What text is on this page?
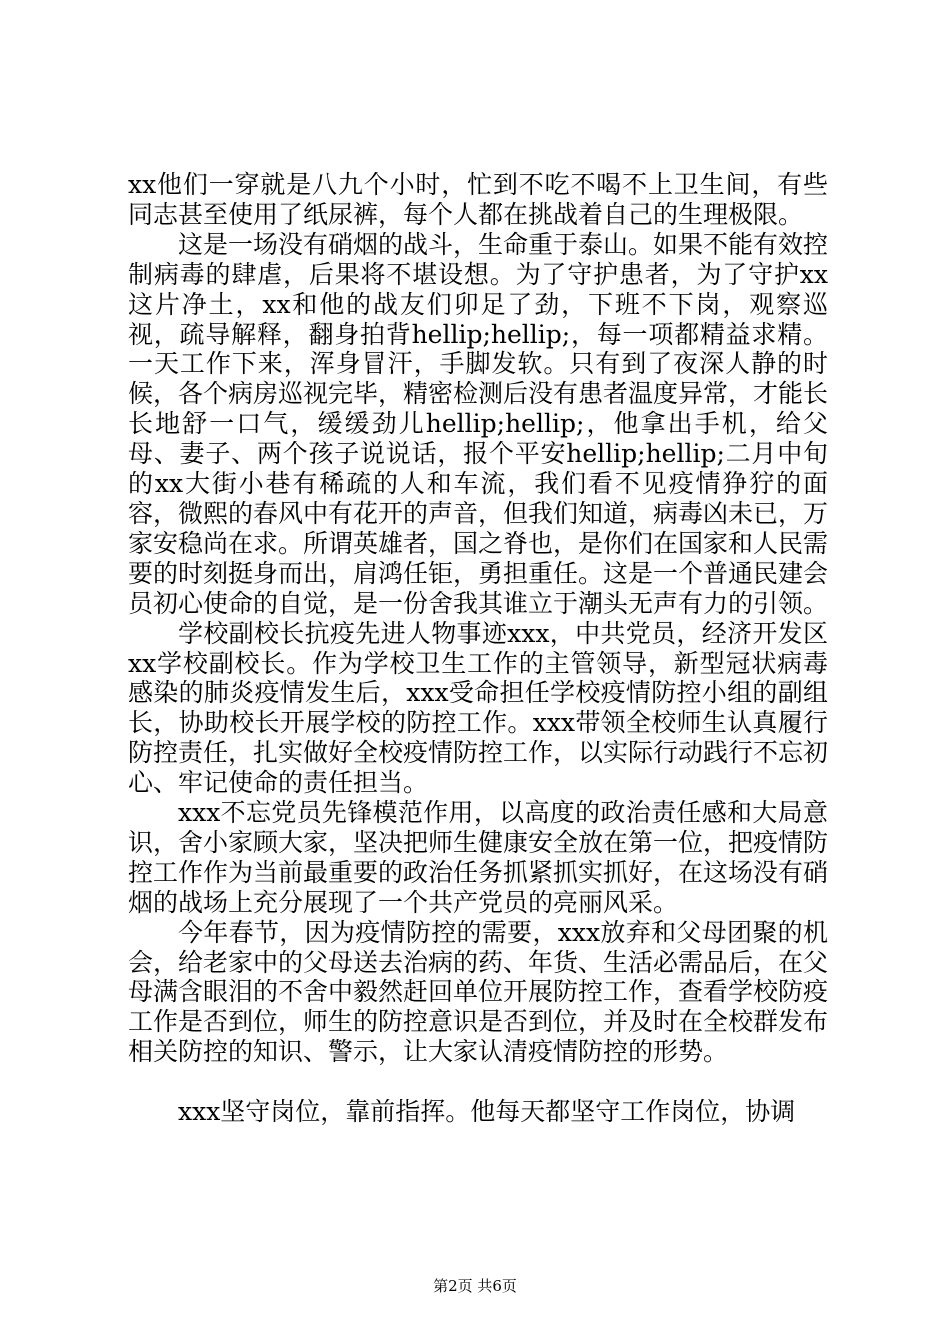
xx他们一穿就是八九个小时，忙到不吃不喝不上卫生间，有些同志甚至使用了纸尿裤，每个人都在挑战着自己的生理极限。

这是一场没有硝烟的战斗，生命重于泰山。如果不能有效控制病毒的肆虐，后果将不堪设想。为了守护患者，为了守护xx这片净土，xx和他的战友们卯足了劲，下班不下岗，观察巡视，疏导解释，翻身拍背hellip;hellip;，每一项都精益求精。一天工作下来，浑身冒汗，手脚发软。只有到了夜深人静的时候，各个病房巡视完毕，精密检测后没有患者温度异常，才能长长地舒一口气，缓缓劲儿hellip;hellip;，他拿出手机，给父母、妻子、两个孩子说说话，报个平安hellip;hellip;二月中旬的xx大街小巷有稀疏的人和车流，我们看不见疫情狰狞的面容，微熙的春风中有花开的声音，但我们知道，病毒凶未已，万家安稳尚在求。所谓英雄者，国之脊也，是你们在国家和人民需要的时刻挺身而出，肩鸿任钜，勇担重任。这是一个普通民建会员初心使命的自觉，是一份舍我其谁立于潮头无声有力的引领。

学校副校长抗疫先进人物事迹xxx，中共党员，经济开发区xx学校副校长。作为学校卫生工作的主管领导，新型冠状病毒感染的肺炎疫情发生后，xxx受命担任学校疫情防控小组的副组长，协助校长开展学校的防控工作。xxx带领全校师生认真履行防控责任，扎实做好全校疫情防控工作，以实际行动践行不忘初心、牢记使命的责任担当。

xxx不忘党员先锋模范作用，以高度的政治责任感和大局意识，舍小家顾大家，坚决把师生健康安全放在第一位，把疫情防控工作作为当前最重要的政治任务抓紧抓实抓好，在这场没有硝烟的战场上充分展现了一个共产党员的亮丽风采。

今年春节，因为疫情防控的需要，xxx放弃和父母团聚的机会，给老家中的父母送去治病的药、年货、生活必需品后，在父母满含眼泪的不舍中毅然赶回单位开展防控工作，查看学校防疫工作是否到位，师生的防控意识是否到位，并及时在全校群发布相关防控的知识、警示，让大家认清疫情防控的形势。

xxx坚守岗位，靠前指挥。他每天都坚守工作岗位，协调

第2页 共6页
